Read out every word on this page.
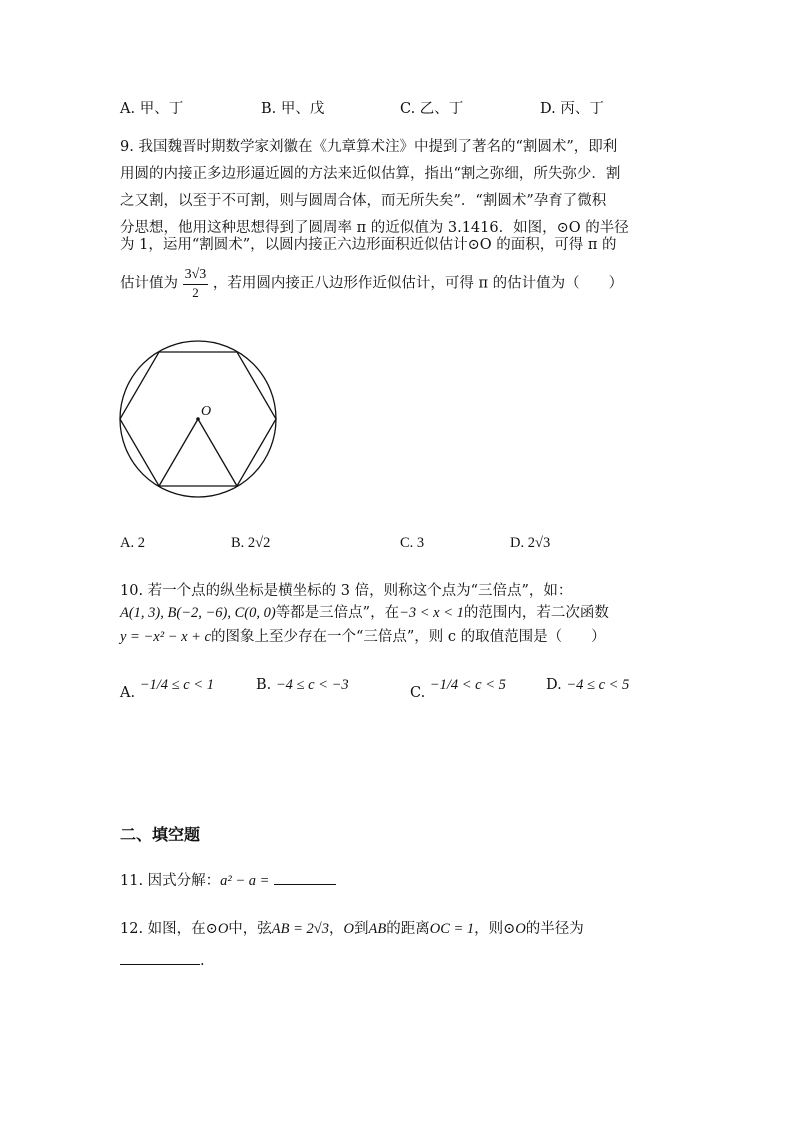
A. 甲、丁	B. 甲、戊	C. 乙、丁	D. 丙、丁
9. 我国魏晋时期数学家刘徽在《九章算术注》中提到了著名的“割圆术”，即利
用圆的内接正多边形逼近圆的方法来近似估算，指出“割之弥细，所失弥少．割
之又割，以至于不可割，则与圆周合体，而无所失矣”．“割圆术”孕育了微积
分思想，他用这种思想得到了圆周率 π 的近似值为 3.1416．如图，⊙O 的半径
为 1，运用“割圆术”，以圆内接正六边形面积近似估计⊙O 的面积，可得 π 的
估计值为 $\frac{3√3}{2}$ ，若用圆内接正八边形作近似估计，可得 π 的估计值为（　　）
O
A. 2	B. 2√2	C. 3	D. 2√3
10. 若一个点的纵坐标是横坐标的 3 倍，则称这个点为“三倍点”，如：
A(1, 3), B(−2, −6), C(0, 0)等都是三倍点”，在−3 < x < 1的范围内，若二次函数
y = −x² − x + c的图象上至少存在一个“三倍点”，则 c 的取值范围是（　　）
A. −1/4 ≤ c < 1	B. −4 ≤ c < −3	C. −1/4 < c < 5	D. −4 ≤ c < 5
二、填空题
11. 因式分解：a² − a =
12. 如图，在⊙O中，弦AB = 2√3，O到AB的距离OC = 1，则⊙O的半径为
.
